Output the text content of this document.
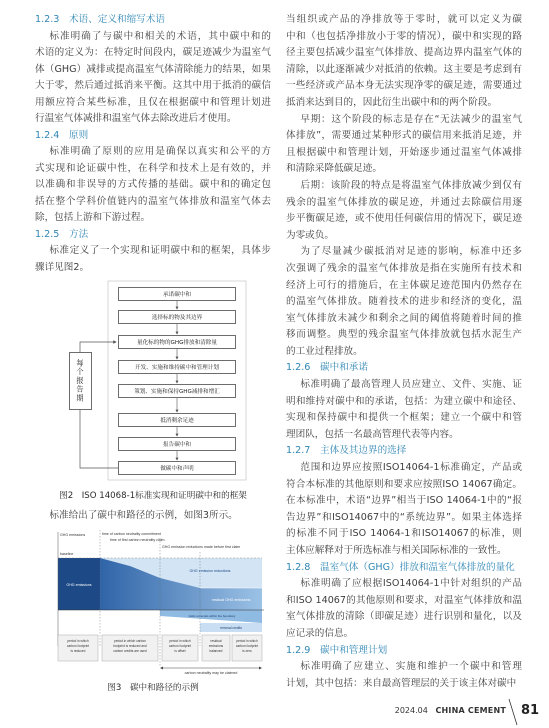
1.2.3　术语、定义和缩写术语
标准明确了与碳中和相关的术语，其中碳中和的
术语的定义为：在特定时间段内，碳足迹减少为温室气
体（GHG）减排或提高温室气体清除能力的结果，如果
大于零，然后通过抵消来平衡。这其中用于抵消的碳信
用额应符合某些标准，且仅在根据碳中和管理计划进
行温室气体减排和温室气体去除改进后才使用。
1.2.4　原则
标准明确了原则的应用是确保以真实和公平的方
式实现和论证碳中性，在科学和技术上是有效的，并
以准确和非误导的方式传播的基础。碳中和的确定包
括在整个学科价值链内的温室气体排放和温室气体去
除，包括上游和下游过程。
1.2.5　方法
标准定义了一个实现和证明碳中和的框架，具体步
骤详见图2。
承诺碳中和
选择标的物及其边界
量化标的物的GHG排放和清除量
开发、实施和维持碳中和管理计划
策划、实施和保持GHG减排和增汇
抵消剩余足迹
报告碳中和
做碳中和声明
每个报告期
图2　ISO 14068-1标准实现和证明碳中和的框架
标准给出了碳中和路径的示例，如图3所示。
GHG emissions
baseline
time of carbon neutrality commitment
time of first carbon neutrality claim
GHG emission reductions made before first claim
GHG emissions
GHG emission reductions
residual GHG emissions
GHG removals within the boundary
removal credits
period in which
carbon footprint
is reduced
period in which carbon
footprint is reduced and
carbon credits are used
period in which
carbon footprint
is offset
residual
emissions
balanced
period in which
carbon footprint
is zero
carbon neutrality may be claimed
图3　碳中和路径的示例
当组织或产品的净排放等于零时，就可以定义为碳
中和（也包括净排放小于零的情况），碳中和实现的路
径主要包括减少温室气体排放、提高边界内温室气体的
清除，以此逐渐减少对抵消的依赖。这主要是考虑到有
一些经济或产品本身无法实现净零的碳足迹，需要通过
抵消来达到目的，因此衍生出碳中和的两个阶段。
早期：这个阶段的标志是存在“无法减少的温室气
体排放”，需要通过某种形式的碳信用来抵消足迹，并
且根据碳中和管理计划，开始逐步通过温室气体减排
和清除采降低碳足迹。
后期：该阶段的特点是将温室气体排放减少到仅有
残余的温室气体排放的碳足迹，并通过去除碳信用逐
步平衡碳足迹，或不使用任何碳信用的情况下，碳足迹
为零或负。
为了尽量减少碳抵消对足迹的影响，标准中还多
次强调了残余的温室气体排放是指在实施所有技术和
经济上可行的措施后，在主体碳足迹范围内仍然存在
的温室气体排放。随着技术的进步和经济的变化，温
室气体排放未减少和剩余之间的阈值将随着时间的推
移而调整。典型的残余温室气体排放就包括水泥生产
的工业过程排放。
1.2.6　碳中和承诺
标准明确了最高管理人员应建立、文件、实施、证
明和维持对碳中和的承诺，包括：为建立碳中和途径、
实现和保持碳中和提供一个框架；建立一个碳中和管
理团队，包括一名最高管理代表等内容。
1.2.7　主体及其边界的选择
范围和边界应按照ISO14064-1标准确定，产品或
符合本标准的其他原则和要求应按照ISO 14067确定。
在本标准中，术语“边界”相当于ISO 14064-1中的“报
告边界”和ISO14067中的“系统边界”。如果主体选择
的标准不同于ISO 14064-1和ISO14067的标准，则
主体应解释对于所选标准与相关国际标准的一致性。
1.2.8　温室气体（GHG）排放和温室气体排放的量化
标准明确了应根据ISO14064-1中针对组织的产品
和ISO 14067的其他原则和要求，对温室气体排放和温
室气体排放的清除（即碳足迹）进行识别和量化，以及
应记录的信息。
1.2.9　碳中和管理计划
标准明确了应建立、实施和维护一个碳中和管理
计划，其中包括：来自最高管理层的关于该主体对碳中
2024.04 CHINA CEMENT 81
